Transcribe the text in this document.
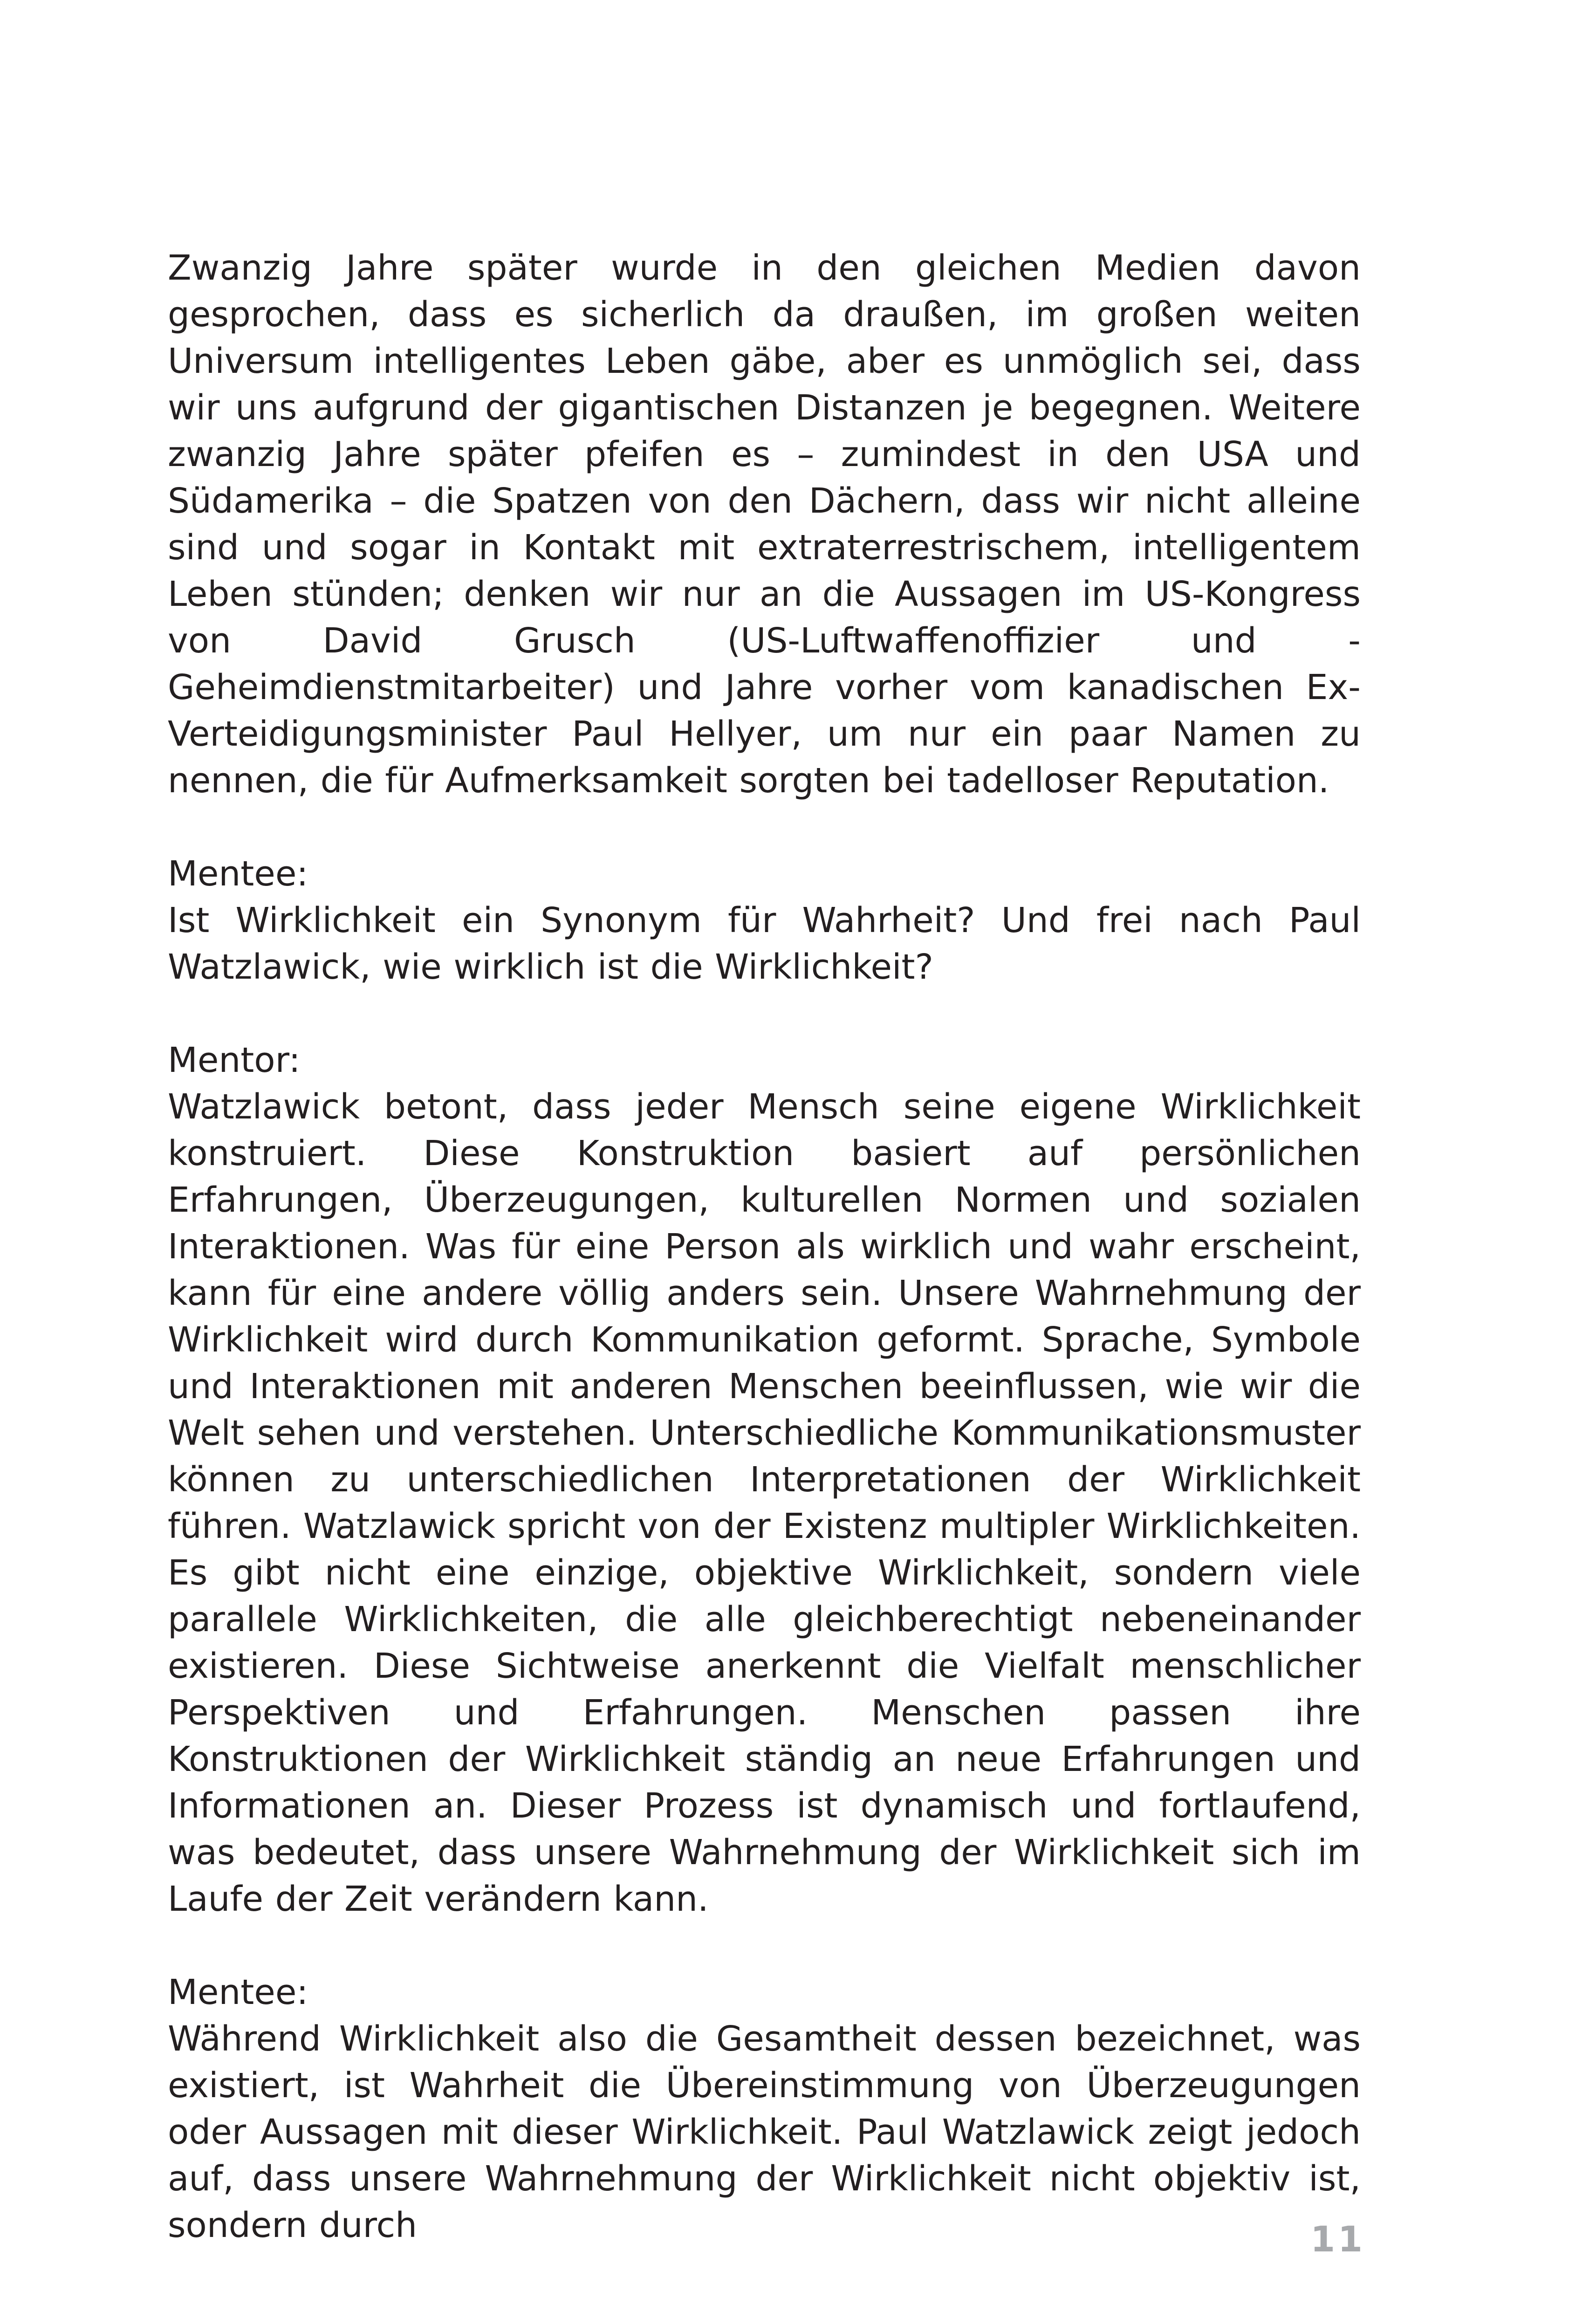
Zwanzig Jahre später wurde in den gleichen Medien davon gesprochen, dass es sicherlich da draußen, im großen weiten Universum intelligentes Leben gäbe, aber es unmöglich sei, dass wir uns aufgrund der gigantischen Distanzen je begegnen. Weitere zwanzig Jahre später pfeifen es – zumindest in den USA und Südamerika – die Spatzen von den Dächern, dass wir nicht alleine sind und sogar in Kontakt mit extraterrestrischem, intelligentem Leben stünden; denken wir nur an die Aussagen im US-Kongress von David Grusch (US-Luftwaffenoffizier und -Geheimdienstmitarbeiter) und Jahre vorher vom kanadischen Ex-Verteidigungsminister Paul Hellyer, um nur ein paar Namen zu nennen, die für Aufmerksamkeit sorgten bei tadelloser Reputation.

Mentee:

Ist Wirklichkeit ein Synonym für Wahrheit? Und frei nach Paul Watzlawick, wie wirklich ist die Wirklichkeit?

Mentor:

Watzlawick betont, dass jeder Mensch seine eigene Wirklichkeit konstruiert. Diese Konstruktion basiert auf persönlichen Erfahrungen, Überzeugungen, kulturellen Normen und sozialen Interaktionen. Was für eine Person als wirklich und wahr erscheint, kann für eine andere völlig anders sein. Unsere Wahrnehmung der Wirklichkeit wird durch Kommunikation geformt. Sprache, Symbole und Interaktionen mit anderen Menschen beeinflussen, wie wir die Welt sehen und verstehen. Unterschiedliche Kommunikationsmuster können zu unterschiedlichen Interpretationen der Wirklichkeit führen. Watzlawick spricht von der Existenz multipler Wirklichkeiten. Es gibt nicht eine einzige, objektive Wirklichkeit, sondern viele parallele Wirklichkeiten, die alle gleichberechtigt nebeneinander existieren. Diese Sichtweise anerkennt die Vielfalt menschlicher Perspektiven und Erfahrungen. Menschen passen ihre Konstruktionen der Wirklichkeit ständig an neue Erfahrungen und Informationen an. Dieser Prozess ist dynamisch und fortlaufend, was bedeutet, dass unsere Wahrnehmung der Wirklichkeit sich im Laufe der Zeit verändern kann.

Mentee:

Während Wirklichkeit also die Gesamtheit dessen bezeichnet, was existiert, ist Wahrheit die Übereinstimmung von Überzeugungen oder Aussagen mit dieser Wirklichkeit. Paul Watzlawick zeigt jedoch auf, dass unsere Wahrnehmung der Wirklichkeit nicht objektiv ist, sondern durch	11
